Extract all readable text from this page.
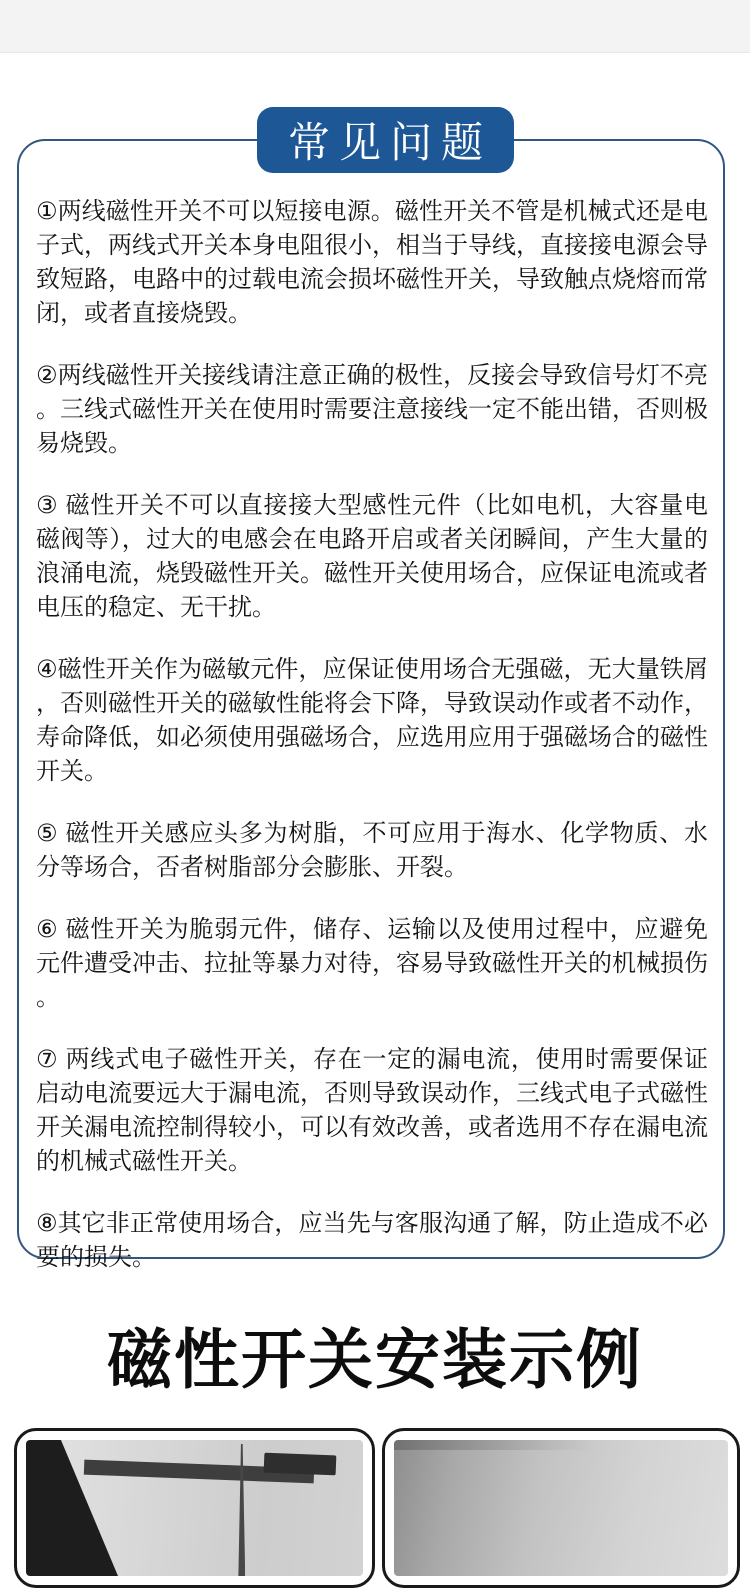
常见问题

①两线磁性开关不可以短接电源。磁性开关不管是机械式还是电子式，两线式开关本身电阻很小，相当于导线，直接接电源会导致短路，电路中的过载电流会损坏磁性开关，导致触点烧熔而常闭，或者直接烧毁。

②两线磁性开关接线请注意正确的极性，反接会导致信号灯不亮。三线式磁性开关在使用时需要注意接线一定不能出错，否则极易烧毁。

③ 磁性开关不可以直接接大型感性元件（比如电机，大容量电磁阀等），过大的电感会在电路开启或者关闭瞬间，产生大量的浪涌电流，烧毁磁性开关。磁性开关使用场合，应保证电流或者电压的稳定、无干扰。

④磁性开关作为磁敏元件，应保证使用场合无强磁，无大量铁屑，否则磁性开关的磁敏性能将会下降，导致误动作或者不动作，寿命降低，如必须使用强磁场合，应选用应用于强磁场合的磁性开关。

⑤ 磁性开关感应头多为树脂，不可应用于海水、化学物质、水分等场合，否者树脂部分会膨胀、开裂。

⑥ 磁性开关为脆弱元件，储存、运输以及使用过程中，应避免元件遭受冲击、拉扯等暴力对待，容易导致磁性开关的机械损伤。

⑦ 两线式电子磁性开关，存在一定的漏电流，使用时需要保证启动电流要远大于漏电流，否则导致误动作，三线式电子式磁性开关漏电流控制得较小，可以有效改善，或者选用不存在漏电流的机械式磁性开关。

⑧其它非正常使用场合，应当先与客服沟通了解，防止造成不必要的损失。

磁性开关安装示例
